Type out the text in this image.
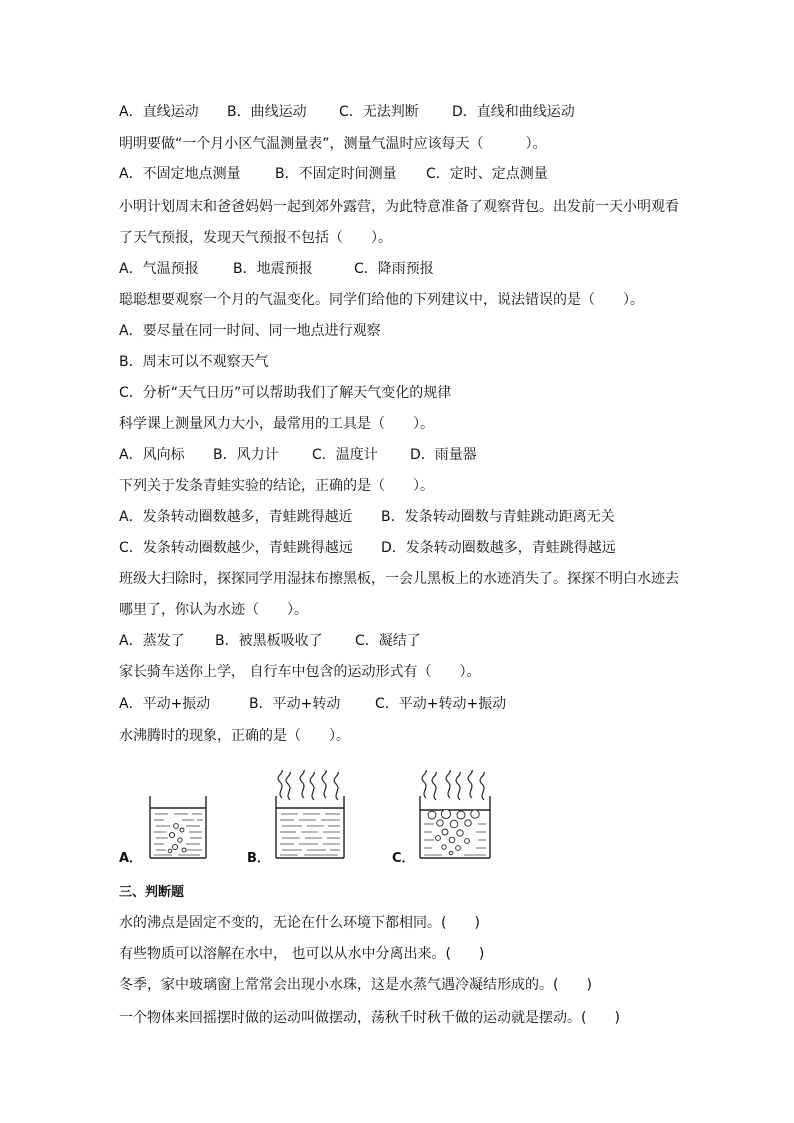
A．直线运动 B．曲线运动 C．无法判断 D．直线和曲线运动
明明要做“一个月小区气温测量表”，测量气温时应该每天（　　　）。
A．不固定地点测量 B．不固定时间测量 C．定时、定点测量
小明计划周末和爸爸妈妈一起到郊外露营，为此特意准备了观察背包。出发前一天小明观看
了天气预报，发现天气预报不包括（　　）。
A．气温预报 B．地震预报	C．降雨预报
聪聪想要观察一个月的气温变化。同学们给他的下列建议中，说法错误的是（　　）。
A．要尽量在同一时间、同一地点进行观察
B．周末可以不观察天气
C．分析“天气日历”可以帮助我们了解天气变化的规律
科学课上测量风力大小，最常用的工具是（　　）。
A．风向标 B．风力计 C．温度计 D．雨量器
下列关于发条青蛙实验的结论，正确的是（　　）。
A．发条转动圈数越多，青蛙跳得越近 B．发条转动圈数与青蛙跳动距离无关
C．发条转动圈数越少，青蛙跳得越远 D．发条转动圈数越多，青蛙跳得越远
班级大扫除时，探探同学用湿抹布擦黑板，一会儿黑板上的水迹消失了。探探不明白水迹去
哪里了，你认为水迹（　　）。
A．蒸发了 B．被黑板吸收了 C．凝结了
家长骑车送你上学， 自行车中包含的运动形式有（　　）。
A．平动+振动	B．平动+转动 C．平动+转动+振动
水沸腾时的现象，正确的是（　　）。
A．	B．	C．
三、判断题
水的沸点是固定不变的，无论在什么环境下都相同。(　　)
有些物质可以溶解在水中， 也可以从水中分离出来。(　　)
冬季，家中玻璃窗上常常会出现小水珠，这是水蒸气遇冷凝结形成的。(　　)
一个物体来回摇摆时做的运动叫做摆动，荡秋千时秋千做的运动就是摆动。(　　)
